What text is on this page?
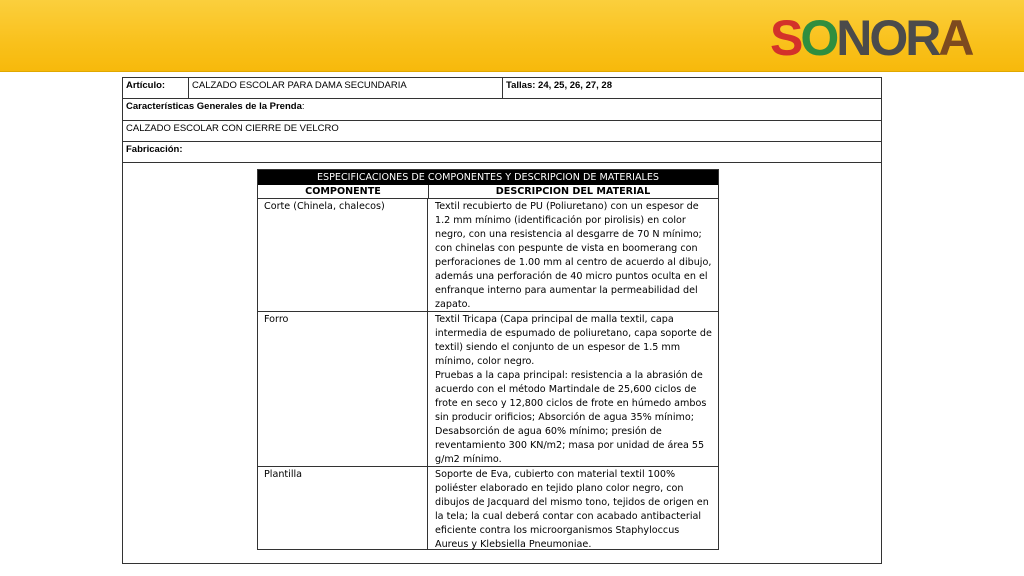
S O N O R A
Artículo:	CALZADO ESCOLAR PARA DAMA SECUNDARIA	Tallas: 24, 25, 26, 27, 28
Características Generales de la Prenda:
CALZADO ESCOLAR CON CIERRE DE VELCRO
Fabricación:
ESPECIFICACIONES DE COMPONENTES Y DESCRIPCION DE MATERIALES
COMPONENTE	DESCRIPCION DEL MATERIAL
Corte (Chinela, chalecos)	Textil recubierto de PU (Poliuretano) con un espesor de 1.2 mm mínimo (identificación por pirolisis) en color negro, con una resistencia al desgarre de 70 N mínimo; con chinelas con pespunte de vista en boomerang con perforaciones de 1.00 mm al centro de acuerdo al dibujo, además una perforación de 40 micro puntos oculta en el enfranque interno para aumentar la permeabilidad del zapato.

Forro	Textil Tricapa (Capa principal de malla textil, capa intermedia de espumado de poliuretano, capa soporte de textil) siendo el conjunto de un espesor de 1.5 mm mínimo, color negro.

Pruebas a la capa principal: resistencia a la abrasión de acuerdo con el método Martindale de 25,600 ciclos de frote en seco y 12,800 ciclos de frote en húmedo ambos sin producir orificios; Absorción de agua 35% mínimo; Desabsorción de agua 60% mínimo; presión de reventamiento 300 KN/m2; masa por unidad de área 55 g/m2 mínimo.

Plantilla	Soporte de Eva, cubierto con material textil 100% poliéster elaborado en tejido plano color negro, con dibujos de Jacquard del mismo tono, tejidos de origen en la tela; la cual deberá contar con acabado antibacterial eficiente contra los microorganismos Staphyloccus Aureus y Klebsiella Pneumoniae.
